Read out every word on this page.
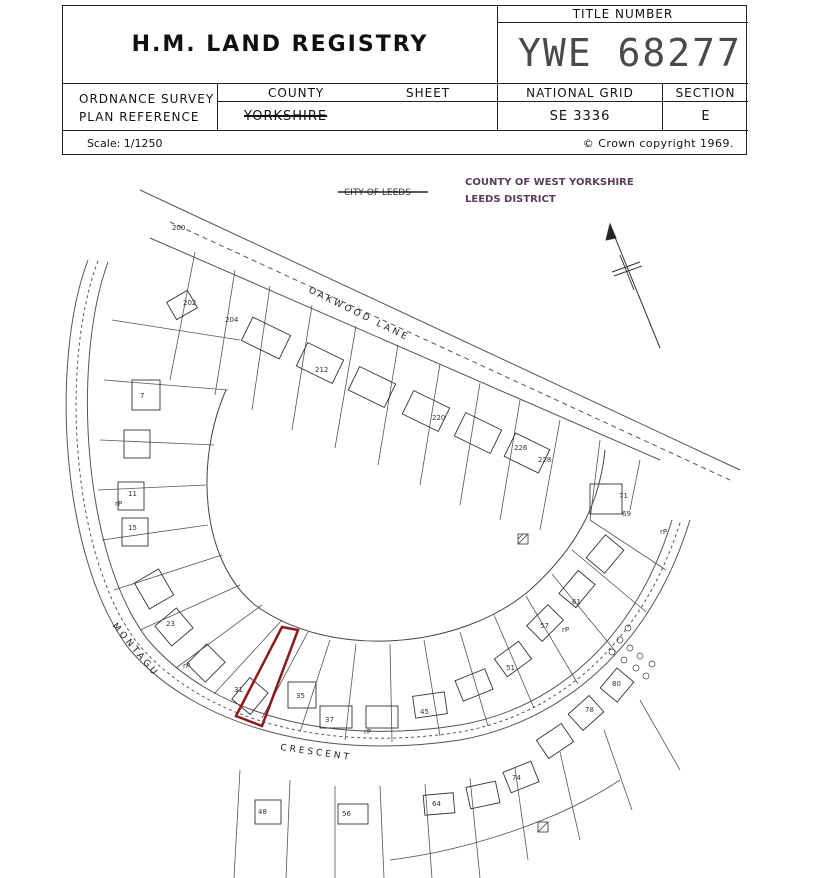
H.M. LAND REGISTRY
TITLE NUMBER
YWE 68277
ORDNANCE SURVEY
PLAN REFERENCE
COUNTY	SHEET
YORKSHIRE
NATIONAL GRID
SE 3336
SECTION
E
Scale: 1/1250	© Crown copyright 1969.
CITY OF LEEDS
COUNTY OF WEST YORKSHIRE
LEEDS DISTRICT
OAKWOOD LANE
MONTAGU
CRESCENT
200
202
204
212
220
226
228
71
69
61
57
51
45
37
35
31
23
15
11
7
74
64
56
48
78
80
rP
rP
rP
rP
rP
